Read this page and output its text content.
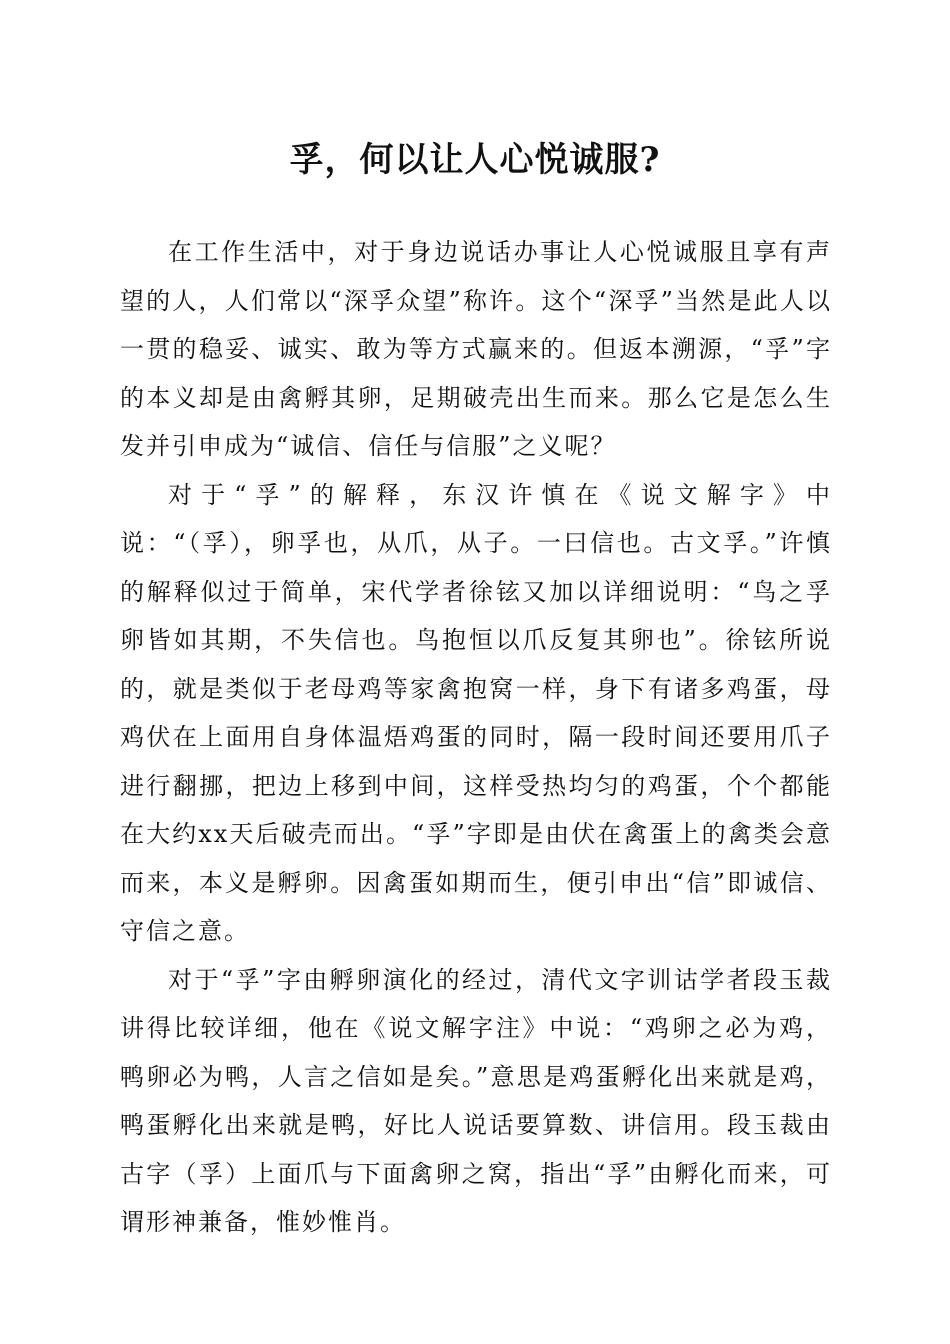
孚，何以让人心悦诚服?

在工作生活中，对于身边说话办事让人心悦诚服且享有声望的人，人们常以“深孚众望”称许。这个“深孚”当然是此人以一贯的稳妥、诚实、敢为等方式赢来的。但返本溯源，“孚”字的本义却是由禽孵其卵，足期破壳出生而来。那么它是怎么生发并引申成为“诚信、信任与信服”之义呢？

对于“孚”的解释，东汉许慎在《说文解字》中说：“（孚），卵孚也，从爪，从子。一曰信也。古文孚。”许慎的解释似过于简单，宋代学者徐铉又加以详细说明：“鸟之孚卵皆如其期，不失信也。鸟抱恒以爪反复其卵也”。徐铉所说的，就是类似于老母鸡等家禽抱窝一样，身下有诸多鸡蛋，母鸡伏在上面用自身体温焐鸡蛋的同时，隔一段时间还要用爪子进行翻挪，把边上移到中间，这样受热均匀的鸡蛋，个个都能在大约xx天后破壳而出。“孚”字即是由伏在禽蛋上的禽类会意而来，本义是孵卵。因禽蛋如期而生，便引申出“信”即诚信、守信之意。

对于“孚”字由孵卵演化的经过，清代文字训诂学者段玉裁讲得比较详细，他在《说文解字注》中说：“鸡卵之必为鸡，鸭卵必为鸭，人言之信如是矣。”意思是鸡蛋孵化出来就是鸡，鸭蛋孵化出来就是鸭，好比人说话要算数、讲信用。段玉裁由古字（孚）上面爪与下面禽卵之窝，指出“孚”由孵化而来，可谓形神兼备，惟妙惟肖。
